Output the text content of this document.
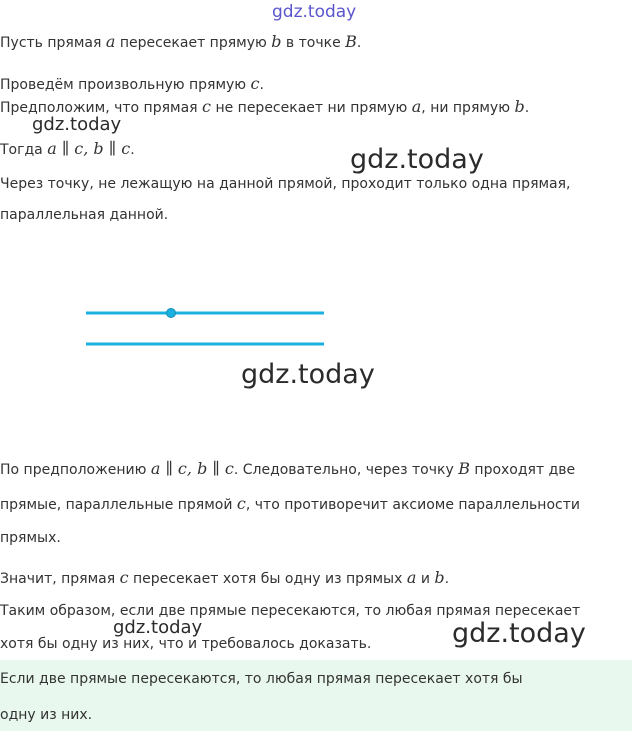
gdz.today

Пусть прямая a пересекает прямую b в точке B.

Проведём произвольную прямую c.

Предположим, что прямая c не пересекает ни прямую a, ни прямую b.

gdz.today

Тогда a ∥ c, b ∥ c.	gdz.today

Через точку, не лежащую на данной прямой, проходит только одна прямая,

параллельная данной.

gdz.today

По предположению a ∥ c, b ∥ c. Следовательно, через точку B проходят две

прямые, параллельные прямой c, что противоречит аксиоме параллельности

прямых.

Значит, прямая c пересекает хотя бы одну из прямых a и b.

Таким образом, если две прямые пересекаются, то любая прямая пересекает

gdz.today

хотя бы одну из них, что и требовалось доказать.	gdz.today

Если две прямые пересекаются, то любая прямая пересекает хотя бы

одну из них.
